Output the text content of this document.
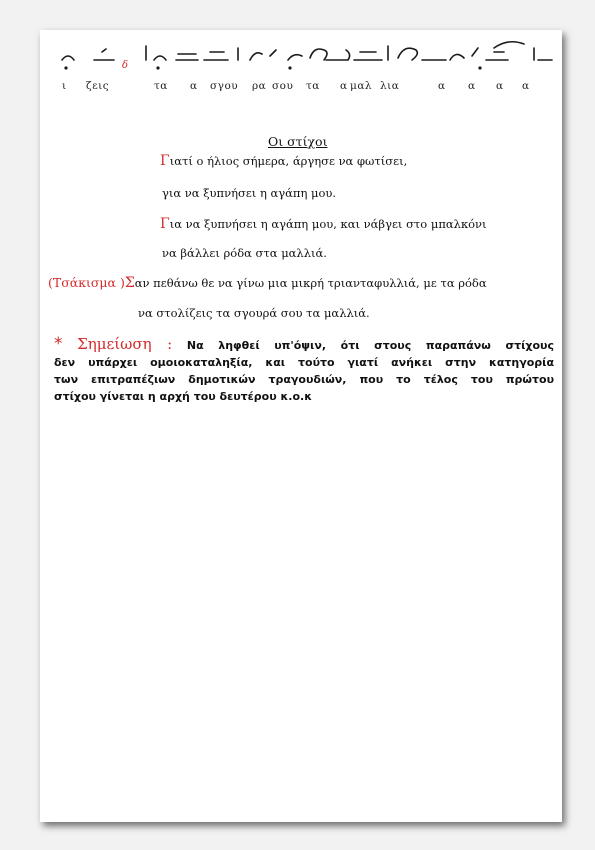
δ
ι ζεις	τα α σγου ρα σου τα α μαλ λια	α α α α
Οι στίχοι
Γιατί ο ήλιος σήμερα, άργησε να φωτίσει,
για να ξυπνήσει η αγάπη μου.
Για να ξυπνήσει η αγάπη μου, και νάβγει στο μπαλκόνι
να βάλλει ρόδα στα μαλλιά.
(Τσάκισμα )Σαν πεθάνω θε να γίνω μια μικρή τριανταφυλλιά, με τα ρόδα
να στολίζεις τα σγουρά σου τα μαλλιά.
* Σημείωση : Να ληφθεί υπ'όψιν, ότι στους παραπάνω στίχους
δεν υπάρχει ομοιοκαταληξία, και τούτο γιατί ανήκει στην κατηγορία
των επιτραπέζιων δημοτικών τραγουδιών, που το τέλος του πρώτου
στίχου γίνεται η αρχή του δευτέρου κ.ο.κ
